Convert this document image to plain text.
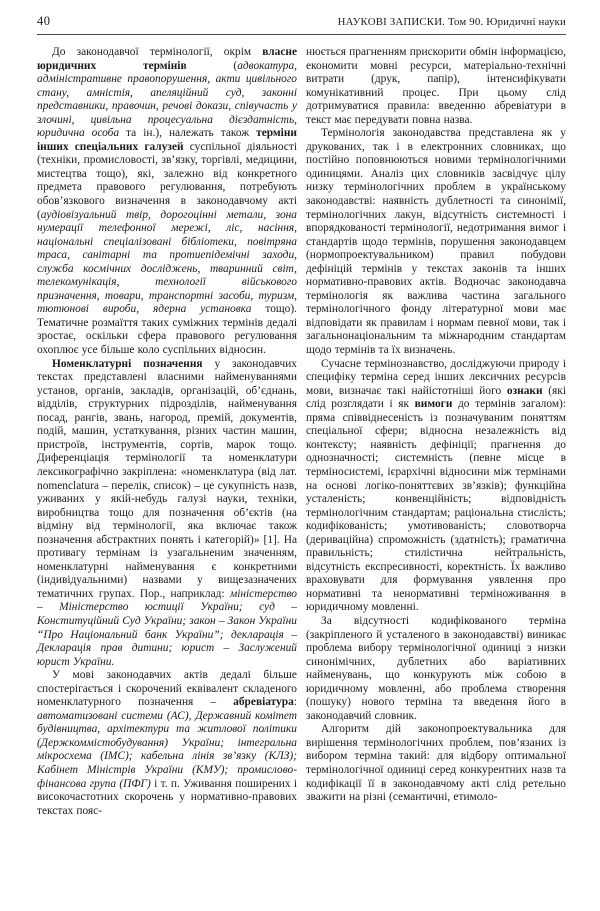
40	НАУКОВІ ЗАПИСКИ. Том 90. Юридичні науки

До законодавчої термінології, окрім власне юридичних термінів (адвокатура, адміністративне правопорушення, акти цивільного стану, амністія, апеляційний суд, законні представники, правочин, речові докази, співучасть у злочині, цивільна процесуальна дієздатність, юридична особа та ін.), належать також терміни інших спеціальних галузей суспільної діяльності (техніки, промисловості, зв’язку, торгівлі, медицини, мистецтва тощо), які, залежно від конкретного предмета правового регулювання, потребують обов’язкового визначення в законодавчому акті (аудіовізуальний твір, дорогоцінні метали, зона нумерації телефонної мережі, ліс, насіння, національні спеціалізовані бібліотеки, повітряна траса, санітарні та протиепідемічні заходи, служба космічних досліджень, тваринний світ, телекомунікація, технології військового призначення, товари, транспортні засоби, туризм, тютюнові вироби, ядерна установка тощо). Тематичне розмаїття таких суміжних термінів дедалі зростає, оскільки сфера правового регулювання охоплює усе більше коло суспільних відносин.

Номенклатурні позначення у законодавчих текстах представлені власними найменуваннями установ, органів, закладів, організацій, об’єднань, відділів, структурних підрозділів, найменування посад, рангів, звань, нагород, премій, документів, подій, машин, устаткування, різних частин машин, пристроїв, інструментів, сортів, марок тощо. Диференціація термінології та номенклатури лексикографічно закріплена: «номенклатура (від лат. nomenclatura – перелік, список) – це сукупність назв, уживаних у якій-небудь галузі науки, техніки, виробництва тощо для позначення об’єктів (на відміну від термінології, яка включає також позначення абстрактних понять і категорій)» [1]. На противагу термінам із узагальненим значенням, номенклатурні найменування є конкретними (індивідуальними) назвами у вищезазначених тематичних групах. Пор., наприклад: міністерство – Міністерство юстиції України; суд – Конституційний Суд України; закон – Закон України “Про Національний банк України”; декларація – Декларація прав дитини; юрист – Заслужений юрист України.

У мові законодавчих актів дедалі більше спостерігається і скорочений еквівалент складеного номенклатурного позначення – абревіатура: автоматизовані системи (АС), Державний комітет будівництва, архітектури та житлової політики (Держкоммістобудування) України; інтегральна мікросхема (ІМС); кабельна лінія зв’язку (КЛЗ); Кабінет Міністрів України (КМУ); промислово-фінансова група (ПФГ) і т. п. Уживання поширених і високочастотних скорочень у нормативно-правових текстах пояс-

нюється прагненням прискорити обмін інформацією, економити мовні ресурси, матеріально-технічні витрати (друк, папір), інтенсифікувати комунікативний процес. При цьому слід дотримуватися правила: введенню абревіатури в текст має передувати повна назва.

Термінологія законодавства представлена як у друкованих, так і в електронних словниках, що постійно поповнюються новими термінологічними одиницями. Аналіз цих словників засвідчує цілу низку термінологічних проблем в українському законодавстві: наявність дублетності та синонімії, термінологічних лакун, відсутність системності і впорядкованості термінології, недотримання вимог і стандартів щодо термінів, порушення законодавцем (нормопроектувальником) правил побудови дефініцій термінів у текстах законів та інших нормативно-правових актів. Водночас законодавча термінологія як важлива частина загального термінологічного фонду літературної мови має відповідати як правилам і нормам певної мови, так і загальнонаціональним та міжнародним стандартам щодо термінів та їх визначень.

Сучасне термінознавство, досліджуючи природу і специфіку терміна серед інших лексичних ресурсів мови, визначає такі найістотніші його ознаки (які слід розглядати і як вимоги до термінів загалом): пряма співвіднесеність із позначуваним поняттям спеціальної сфери; відносна незалежність від контексту; наявність дефініції; прагнення до однозначності; системність (певне місце в терміносистемі, ієрархічні відносини між термінами на основі логіко-поняттєвих зв’язків); функційна усталеність; конвенційність; відповідність термінологічним стандартам; раціональна стислість; кодифікованість; умотивованість; словотворча (дериваційна) спроможність (здатність); граматична правильність; стилістична нейтральність, відсутність експресивності, коректність. Їх важливо враховувати для формування уявлення про нормативні та ненормативні терміноживання в юридичному мовленні.

За відсутності кодифікованого терміна (закріпленого й усталеного в законодавстві) виникає проблема вибору термінологічної одиниці з низки синонімічних, дублетних або варіативних найменувань, що конкурують між собою в юридичному мовленні, або проблема створення (пошуку) нового терміна та введення його в законодавчий словник.

Алгоритм дій законопроектувальника для вирішення термінологічних проблем, пов’язаних із вибором терміна такий: для відбору оптимальної термінологічної одиниці серед конкурентних назв та кодифікації її в законодавчому акті слід ретельно зважити на різні (семантичні, етимоло-
